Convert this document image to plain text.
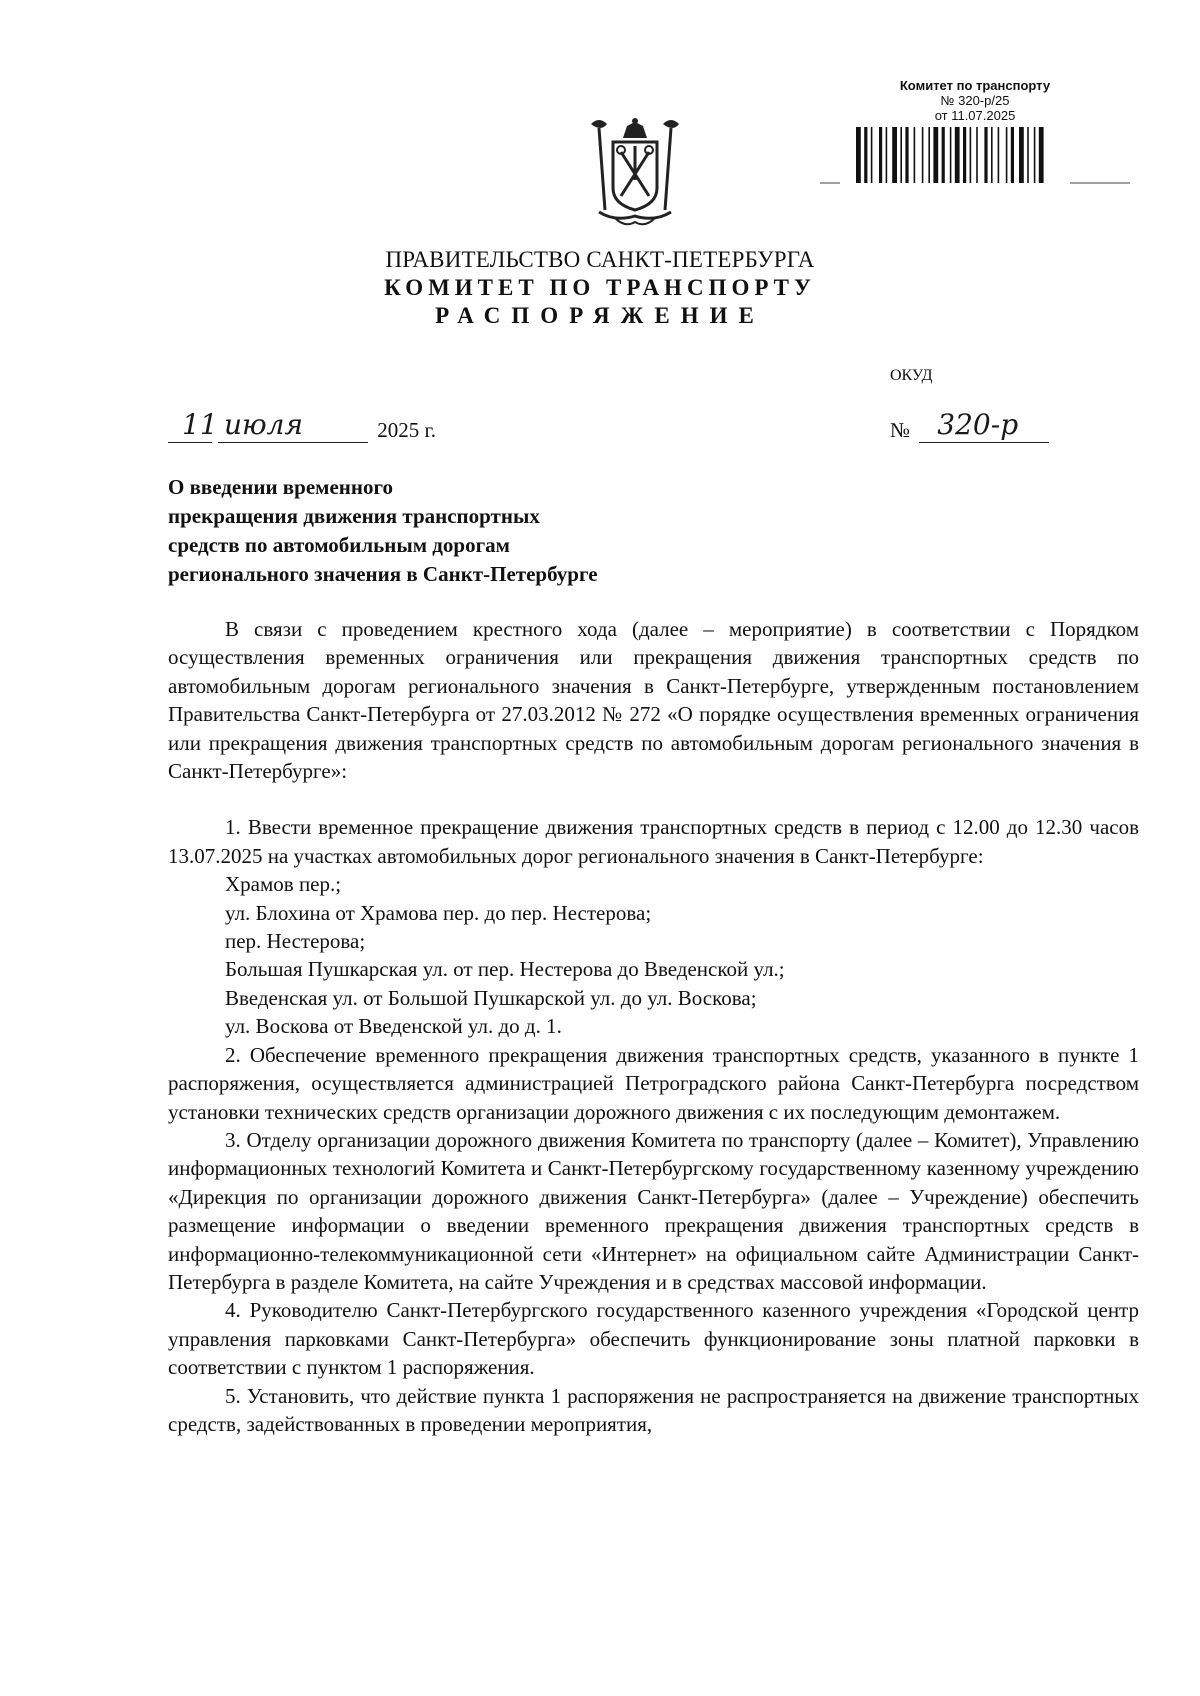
Комитет по транспорту
№ 320-р/25
от 11.07.2025
ПРАВИТЕЛЬСТВО САНКТ-ПЕТЕРБУРГА
КОМИТЕТ ПО ТРАНСПОРТУ
РАСПОРЯЖЕНИЕ
ОКУД
11 июля	2025 г.	№ 320-р
О введении временного
прекращения движения транспортных
средств по автомобильным дорогам
регионального значения в Санкт-Петербурге

В связи с проведением крестного хода (далее – мероприятие) в соответствии с Порядком осуществления временных ограничения или прекращения движения транспортных средств по автомобильным дорогам регионального значения в Санкт-Петербурге, утвержденным постановлением Правительства Санкт-Петербурга от 27.03.2012 № 272 «О порядке осуществления временных ограничения или прекращения движения транспортных средств по автомобильным дорогам регионального значения в Санкт-Петербурге»:

1. Ввести временное прекращение движения транспортных средств в период с 12.00 до 12.30 часов 13.07.2025 на участках автомобильных дорог регионального значения в Санкт-Петербурге:

Храмов пер.;
ул. Блохина от Храмова пер. до пер. Нестерова;
пер. Нестерова;
Большая Пушкарская ул. от пер. Нестерова до Введенской ул.;
Введенская ул. от Большой Пушкарской ул. до ул. Воскова;
ул. Воскова от Введенской ул. до д. 1.

2. Обеспечение временного прекращения движения транспортных средств, указанного в пункте 1 распоряжения, осуществляется администрацией Петроградского района Санкт-Петербурга посредством установки технических средств организации дорожного движения с их последующим демонтажем.

3. Отделу организации дорожного движения Комитета по транспорту (далее – Комитет), Управлению информационных технологий Комитета и Санкт-Петербургскому государственному казенному учреждению «Дирекция по организации дорожного движения Санкт-Петербурга» (далее – Учреждение) обеспечить размещение информации о введении временного прекращения движения транспортных средств в информационно-телекоммуникационной сети «Интернет» на официальном сайте Администрации Санкт-Петербурга в разделе Комитета, на сайте Учреждения и в средствах массовой информации.

4. Руководителю Санкт-Петербургского государственного казенного учреждения «Городской центр управления парковками Санкт-Петербурга» обеспечить функционирование зоны платной парковки в соответствии с пунктом 1 распоряжения.

5. Установить, что действие пункта 1 распоряжения не распространяется на движение транспортных средств, задействованных в проведении мероприятия,
